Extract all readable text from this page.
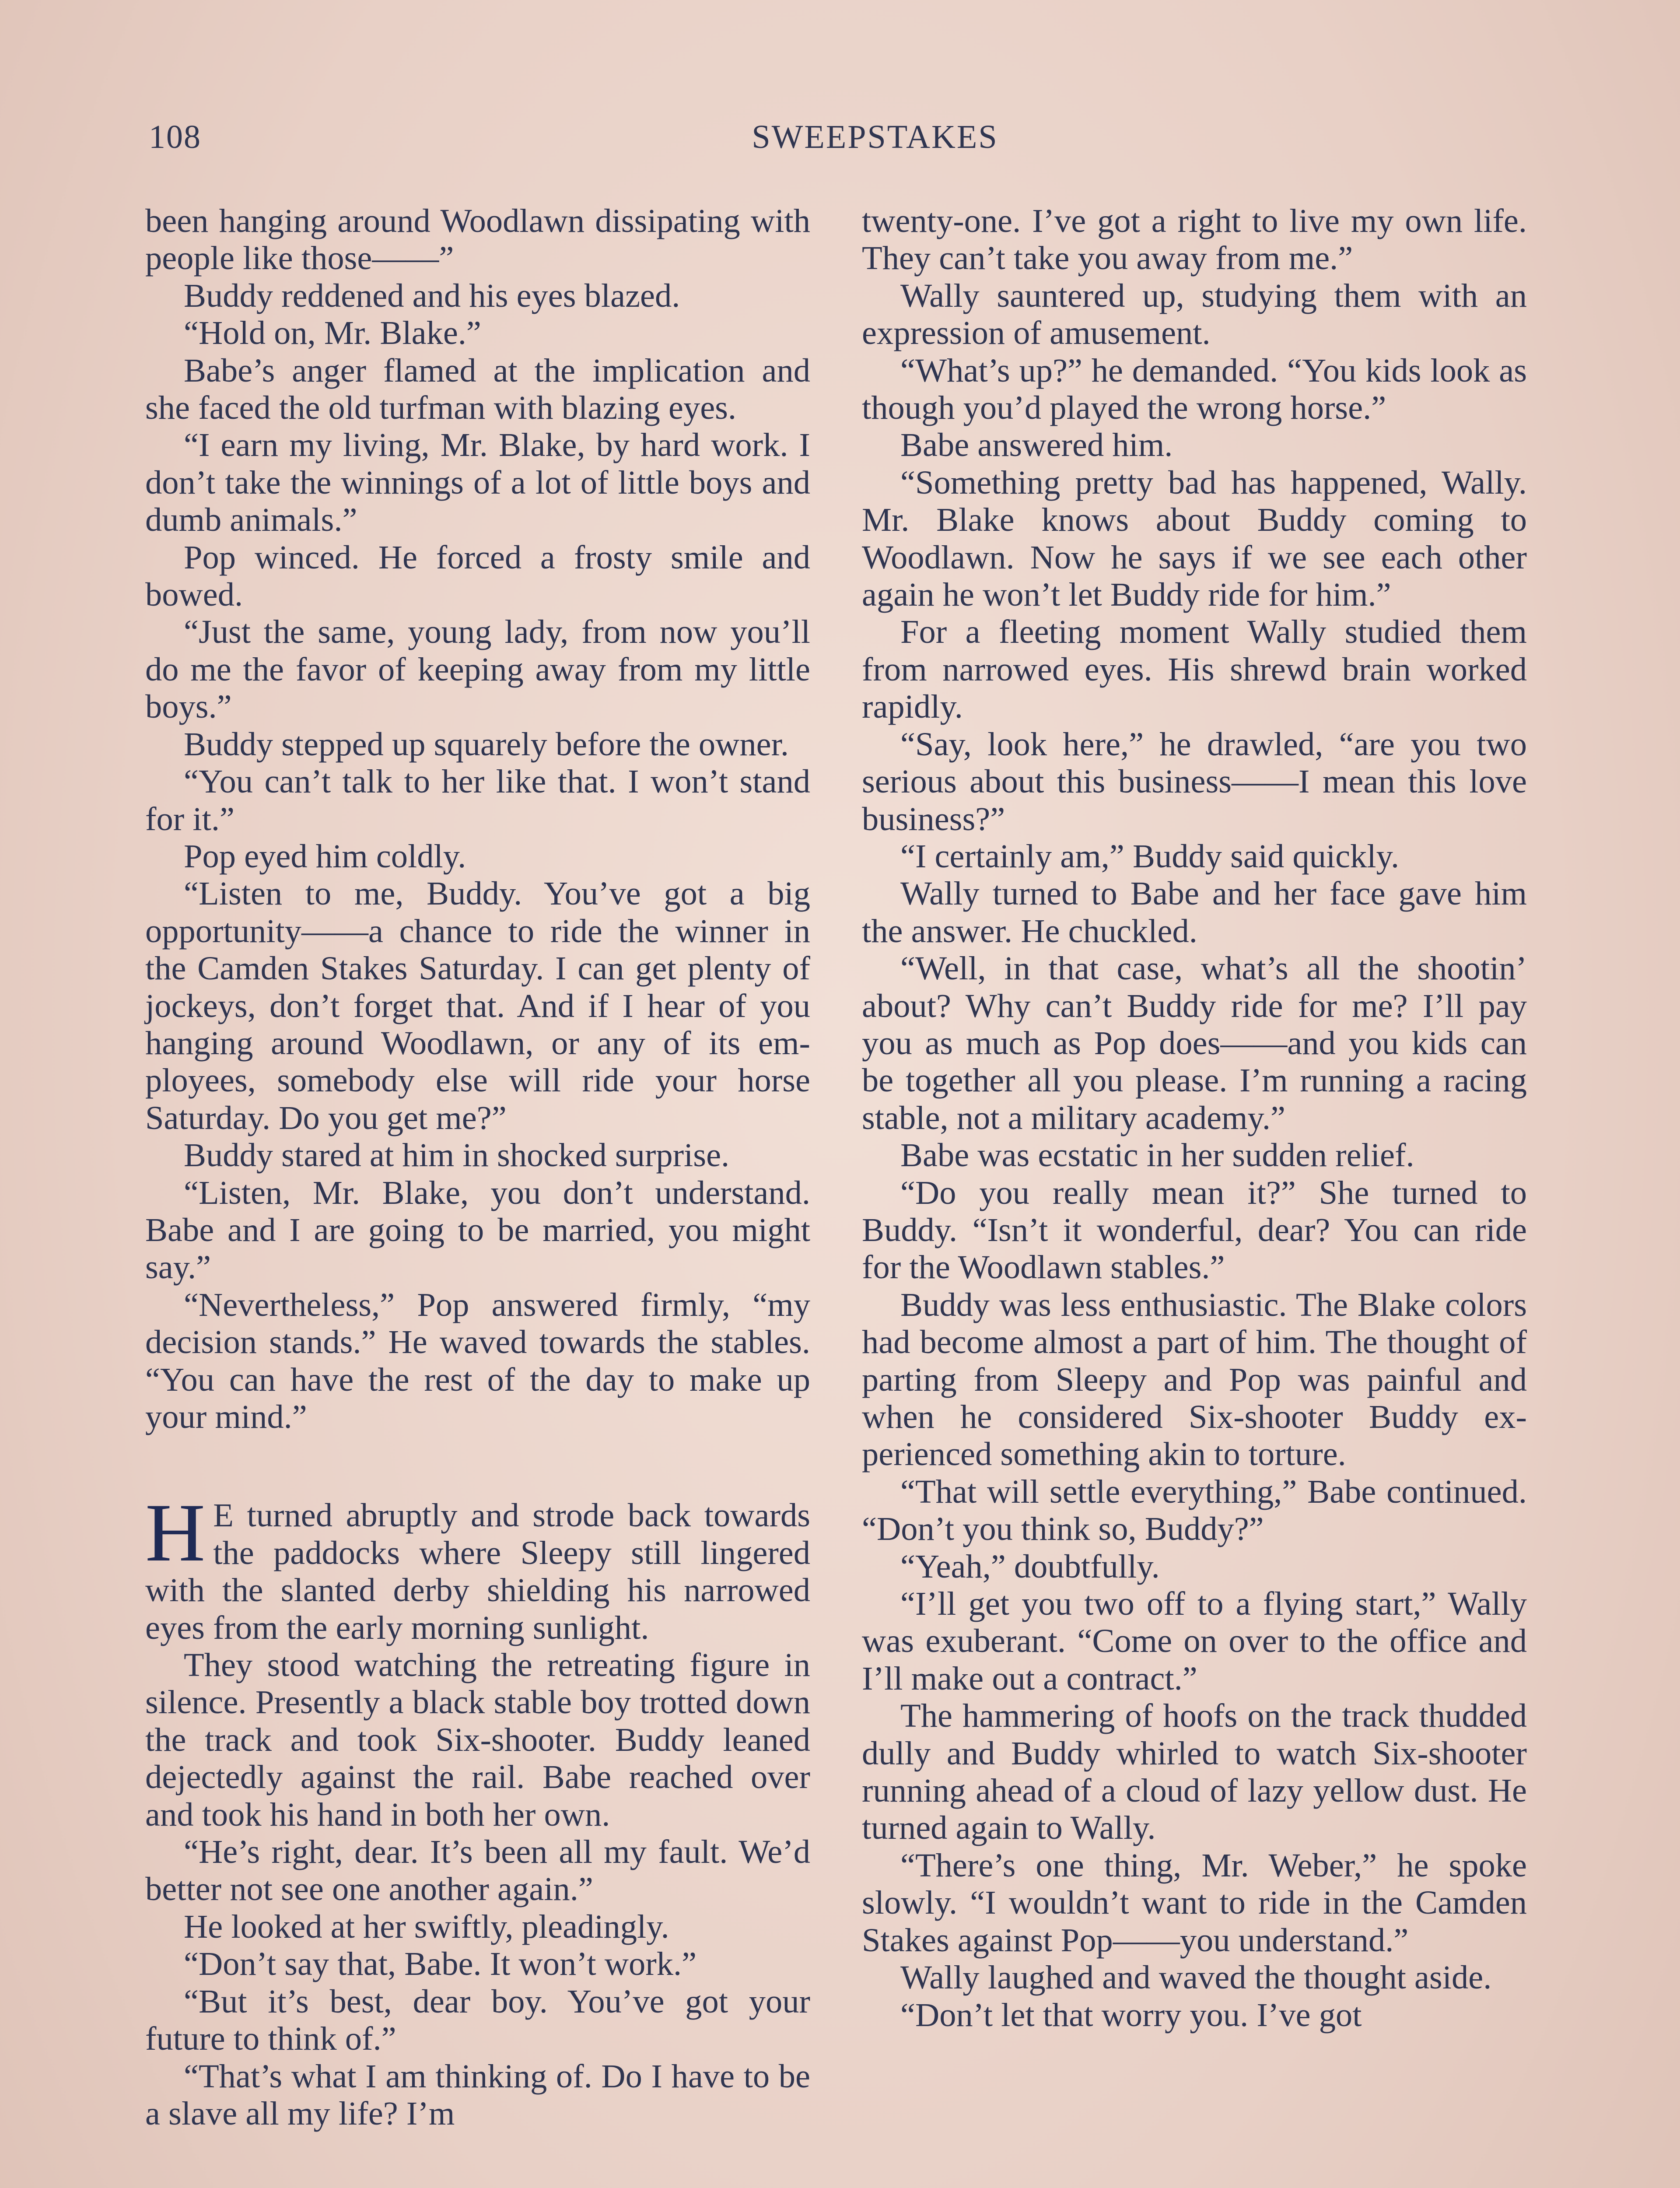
108	SWEEPSTAKES

been hanging around Woodlawn dissipating with people like those——”

Buddy reddened and his eyes blazed.

“Hold on, Mr. Blake.”

Babe’s anger flamed at the implication and she faced the old turfman with blazing eyes.

“I earn my living, Mr. Blake, by hard work. I don’t take the winnings of a lot of little boys and dumb animals.”

Pop winced. He forced a frosty smile and bowed.

“Just the same, young lady, from now you’ll do me the favor of keeping away from my little boys.”

Buddy stepped up squarely before the owner.

“You can’t talk to her like that. I won’t stand for it.”

Pop eyed him coldly.

“Listen to me, Buddy. You’ve got a big opportunity——a chance to ride the winner in the Camden Stakes Saturday. I can get plenty of jockeys, don’t forget that. And if I hear of you hanging around Woodlawn, or any of its employees, somebody else will ride your horse Saturday. Do you get me?”

Buddy stared at him in shocked surprise.

“Listen, Mr. Blake, you don’t understand. Babe and I are going to be married, you might say.”

“Nevertheless,” Pop answered firmly, “my decision stands.” He waved towards the stables. “You can have the rest of the day to make up your mind.”

H E turned abruptly and strode back towards the paddocks where Sleepy still lingered with the slanted derby shielding his narrowed eyes from the early morning sunlight.

They stood watching the retreating figure in silence. Presently a black stable boy trotted down the track and took Six-shooter. Buddy leaned dejectedly against the rail. Babe reached over and took his hand in both her own.

“He’s right, dear. It’s been all my fault. We’d better not see one another again.”

He looked at her swiftly, pleadingly.

“Don’t say that, Babe. It won’t work.”

“But it’s best, dear boy. You’ve got your future to think of.”

“That’s what I am thinking of. Do I have to be a slave all my life? I’m

twenty-one. I’ve got a right to live my own life. They can’t take you away from me.”

Wally sauntered up, studying them with an expression of amusement.

“What’s up?” he demanded. “You kids look as though you’d played the wrong horse.”

Babe answered him.

“Something pretty bad has happened, Wally. Mr. Blake knows about Buddy coming to Woodlawn. Now he says if we see each other again he won’t let Buddy ride for him.”

For a fleeting moment Wally studied them from narrowed eyes. His shrewd brain worked rapidly.

“Say, look here,” he drawled, “are you two serious about this business——I mean this love business?”

“I certainly am,” Buddy said quickly.

Wally turned to Babe and her face gave him the answer. He chuckled.

“Well, in that case, what’s all the shootin’ about? Why can’t Buddy ride for me? I’ll pay you as much as Pop does——and you kids can be together all you please. I’m running a racing stable, not a military academy.”

Babe was ecstatic in her sudden relief.

“Do you really mean it?” She turned to Buddy. “Isn’t it wonderful, dear? You can ride for the Woodlawn stables.”

Buddy was less enthusiastic. The Blake colors had become almost a part of him. The thought of parting from Sleepy and Pop was painful and when he considered Six-shooter Buddy experienced something akin to torture.

“That will settle everything,” Babe continued. “Don’t you think so, Buddy?”

“Yeah,” doubtfully.

“I’ll get you two off to a flying start,” Wally was exuberant. “Come on over to the office and I’ll make out a contract.”

The hammering of hoofs on the track thudded dully and Buddy whirled to watch Six-shooter running ahead of a cloud of lazy yellow dust. He turned again to Wally.

“There’s one thing, Mr. Weber,” he spoke slowly. “I wouldn’t want to ride in the Camden Stakes against Pop——you understand.”

Wally laughed and waved the thought aside.

“Don’t let that worry you. I’ve got
